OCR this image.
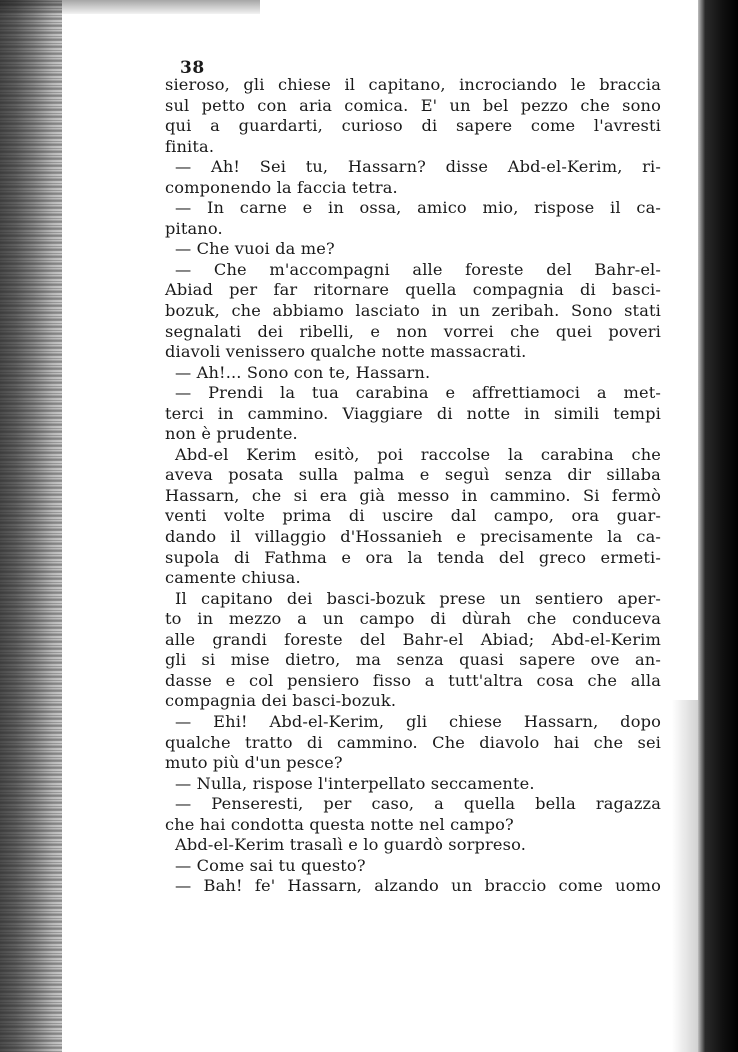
38
sieroso, gli chiese il capitano, incrociando le braccia
sul petto con aria comica. E' un bel pezzo che sono
qui a guardarti, curioso di sapere come l'avresti
finita.
— Ah! Sei tu, Hassarn? disse Abd-el-Kerim, ri-
componendo la faccia tetra.
— In carne e in ossa, amico mio, rispose il ca-
pitano.
— Che vuoi da me?
— Che m'accompagni alle foreste del Bahr-el-
Abiad per far ritornare quella compagnia di basci-
bozuk, che abbiamo lasciato in un zeribah. Sono stati
segnalati dei ribelli, e non vorrei che quei poveri
diavoli venissero qualche notte massacrati.
— Ah!... Sono con te, Hassarn.
— Prendi la tua carabina e affrettiamoci a met-
terci in cammino. Viaggiare di notte in simili tempi
non è prudente.
Abd-el Kerim esitò, poi raccolse la carabina che
aveva posata sulla palma e seguì senza dir sillaba
Hassarn, che si era già messo in cammino. Si fermò
venti volte prima di uscire dal campo, ora guar-
dando il villaggio d'Hossanieh e precisamente la ca-
supola di Fathma e ora la tenda del greco ermeti-
camente chiusa.
Il capitano dei basci-bozuk prese un sentiero aper-
to in mezzo a un campo di dùrah che conduceva
alle grandi foreste del Bahr-el Abiad; Abd-el-Kerim
gli si mise dietro, ma senza quasi sapere ove an-
dasse e col pensiero fisso a tutt'altra cosa che alla
compagnia dei basci-bozuk.
— Ehi! Abd-el-Kerim, gli chiese Hassarn, dopo
qualche tratto di cammino. Che diavolo hai che sei
muto più d'un pesce?
— Nulla, rispose l'interpellato seccamente.
— Penseresti, per caso, a quella bella ragazza
che hai condotta questa notte nel campo?
Abd-el-Kerim trasalì e lo guardò sorpreso.
— Come sai tu questo?
— Bah! fe' Hassarn, alzando un braccio come uomo
